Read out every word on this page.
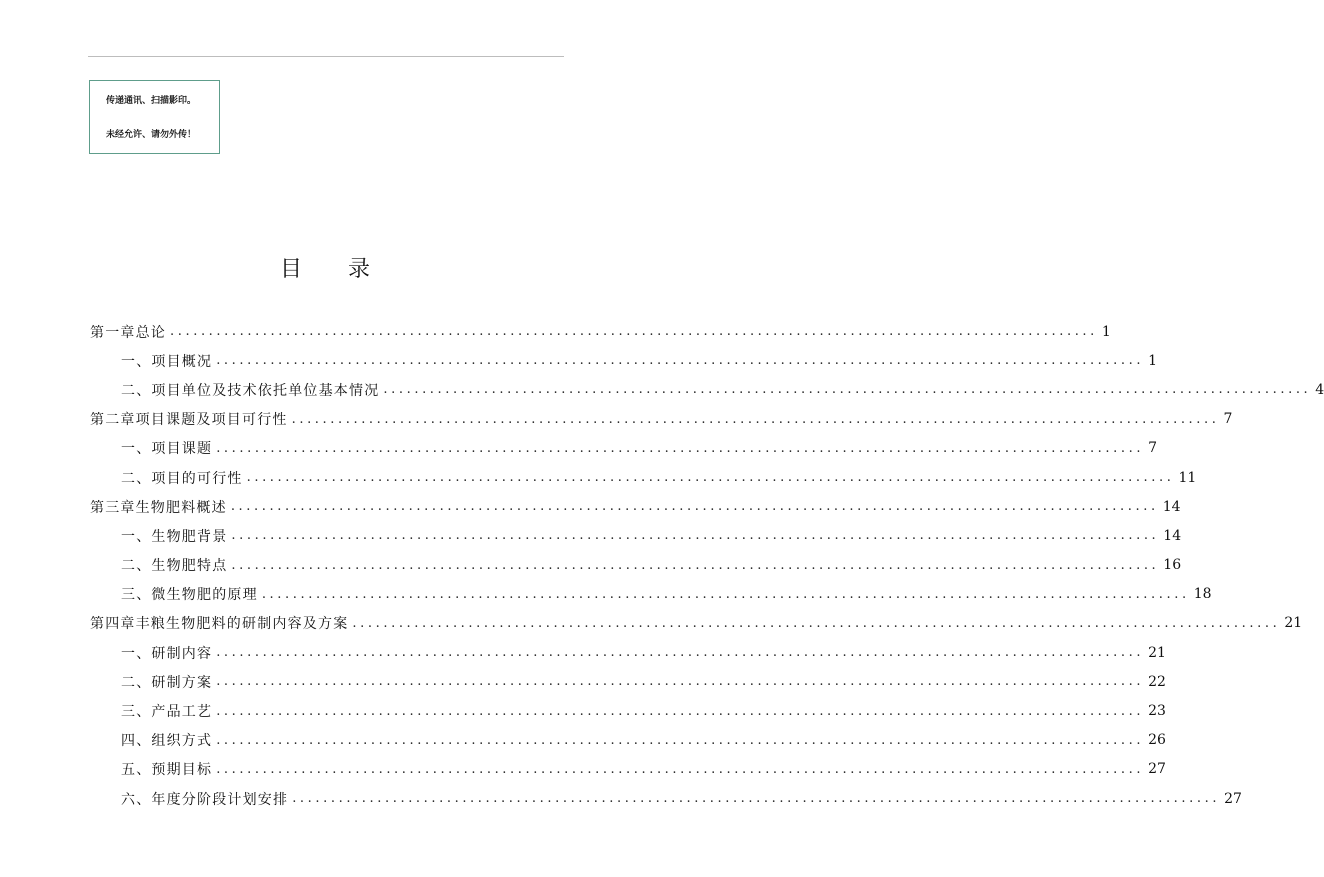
传递通讯、扫描影印。
未经允许、请勿外传！
目录
第一章 总论 ........................................................................................................................ 1
一、项目概况 ........................................................................................................................ 1
二、项目单位及技术依托单位基本情况 ........................................................................................................................ 4
第二章 项目课题及项目可行性 ........................................................................................................................ 7
一、项目课题 ........................................................................................................................ 7
二、项目的可行性 ........................................................................................................................ 11
第三章 生物肥料概述 ........................................................................................................................ 14
一、生物肥背景 ........................................................................................................................ 14
二、生物肥特点 ........................................................................................................................ 16
三、微生物肥的原理 ........................................................................................................................ 18
第四章 丰粮生物肥料的研制内容及方案 ........................................................................................................................ 21
一、研制内容 ........................................................................................................................ 21
二、研制方案 ........................................................................................................................ 22
三、产品工艺 ........................................................................................................................ 23
四、组织方式 ........................................................................................................................ 26
五、预期目标 ........................................................................................................................ 27
六、年度分阶段计划安排 ........................................................................................................................ 27
